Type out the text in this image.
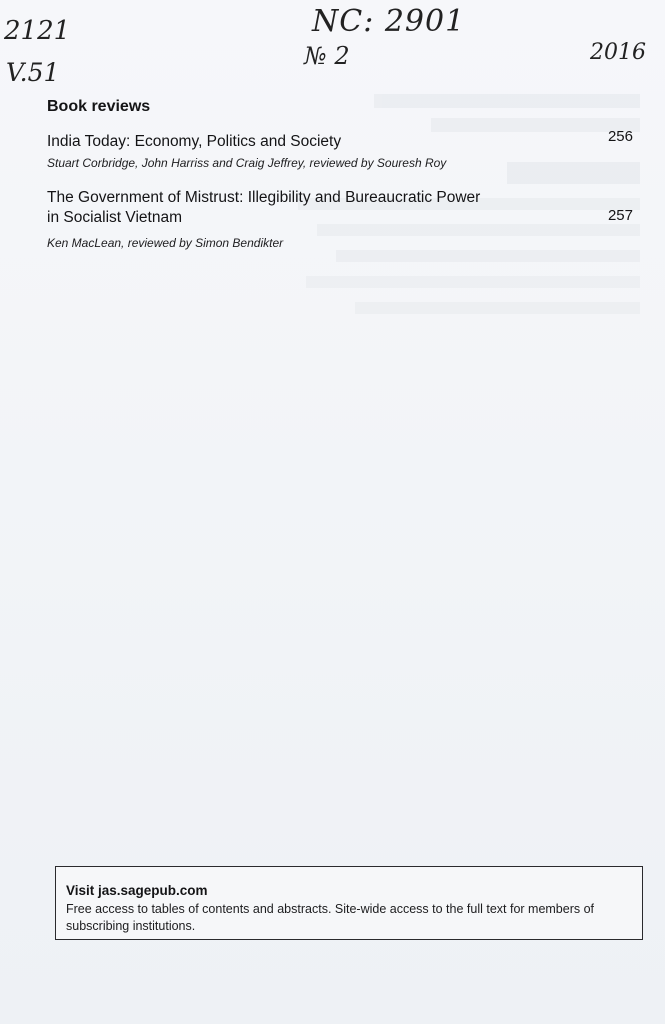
2121
V.51
NC: 2901
№ 2	2016
Book reviews
India Today: Economy, Politics and Society
Stuart Corbridge, John Harriss and Craig Jeffrey, reviewed by Souresh Roy
256
The Government of Mistrust: Illegibility and Bureaucratic Power in Socialist Vietnam
Ken MacLean, reviewed by Simon Bendikter
257
Visit jas.sagepub.com
Free access to tables of contents and abstracts. Site-wide access to the full text for members of subscribing institutions.
